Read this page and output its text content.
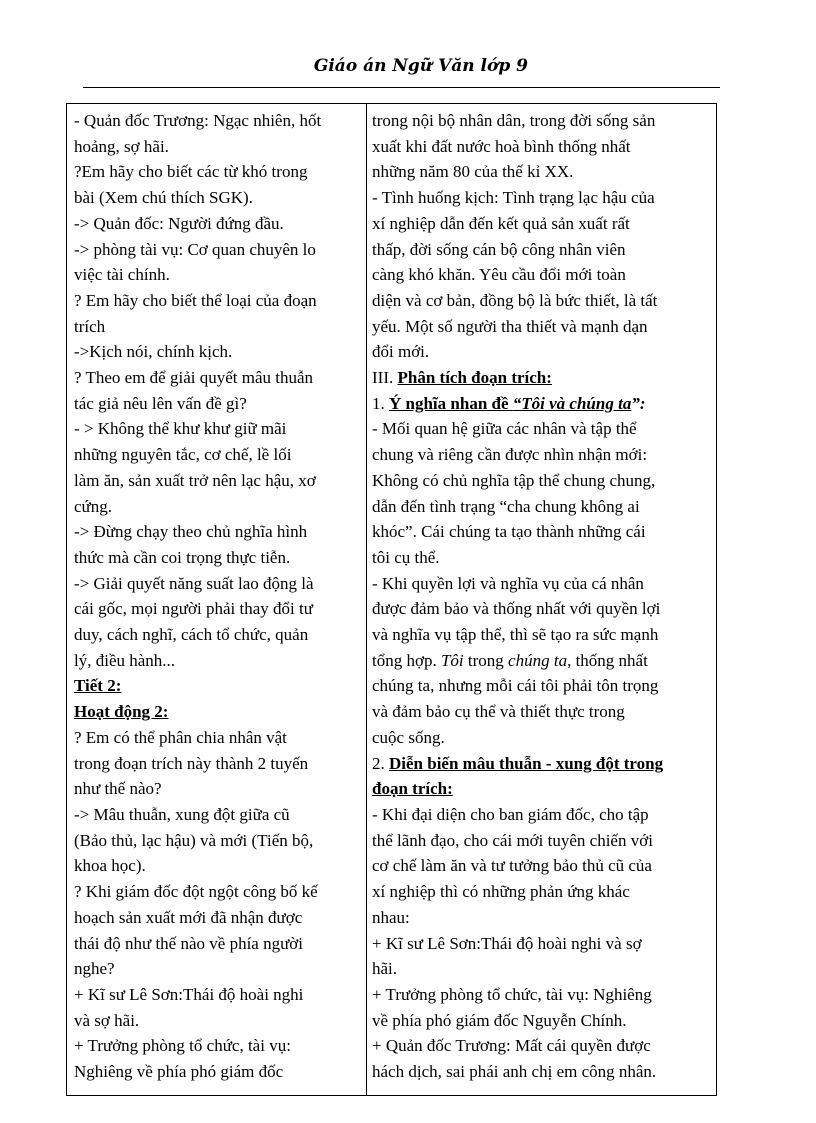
Giáo án Ngữ Văn lớp 9
- Quản đốc Trương: Ngạc nhiên, hốt
hoảng, sợ hãi.
?Em hãy cho biết các từ khó trong
bài (Xem chú thích SGK).
-> Quản đốc: Người đứng đầu.
-> phòng tài vụ: Cơ quan chuyên lo
việc tài chính.
? Em hãy cho biết thể loại của đoạn
trích
->Kịch nói, chính kịch.
? Theo em để giải quyết mâu thuẫn
tác giả nêu lên vấn đề gì?
- > Không thể khư khư giữ mãi
những nguyên tắc, cơ chế, lề lối
làm ăn, sản xuất trở nên lạc hậu, xơ
cứng.
-> Đừng chạy theo chủ nghĩa hình
thức mà cần coi trọng thực tiễn.
-> Giải quyết năng suất lao động là
cái gốc, mọi người phải thay đổi tư
duy, cách nghĩ, cách tổ chức, quản
lý, điều hành...
Tiết 2:
Hoạt động 2:
? Em có thể phân chia nhân vật
trong đoạn trích này thành 2 tuyến
như thế nào?
-> Mâu thuẫn, xung đột giữa cũ
(Bảo thủ, lạc hậu) và mới (Tiến bộ,
khoa học).
? Khi giám đốc đột ngột công bố kế
hoạch sản xuất mới đã nhận được
thái độ như thế nào về phía người
nghe?
+ Kĩ sư Lê Sơn:Thái độ hoài nghi
và sợ hãi.
+ Trưởng phòng tổ chức, tài vụ:
Nghiêng về phía phó giám đốc
trong nội bộ nhân dân, trong đời sống sản
xuất khi đất nước hoà bình thống nhất
những năm 80 của thế kỉ XX.
- Tình huống kịch: Tình trạng lạc hậu của
xí nghiệp dẫn đến kết quả sản xuất rất
thấp, đời sống cán bộ công nhân viên
càng khó khăn. Yêu cầu đổi mới toàn
diện và cơ bản, đồng bộ là bức thiết, là tất
yếu. Một số người tha thiết và mạnh dạn
đổi mới.
III. Phân tích đoạn trích:
1. Ý nghĩa nhan đề “Tôi và chúng ta”:
- Mối quan hệ giữa các nhân và tập thể
chung và riêng cần được nhìn nhận mới:
Không có chủ nghĩa tập thể chung chung,
dẫn đến tình trạng “cha chung không ai
khóc”. Cái chúng ta tạo thành những cái
tôi cụ thể.
- Khi quyền lợi và nghĩa vụ của cá nhân
được đảm bảo và thống nhất với quyền lợi
và nghĩa vụ tập thể, thì sẽ tạo ra sức mạnh
tổng hợp. Tôi trong chúng ta, thống nhất
chúng ta, nhưng mỗi cái tôi phải tôn trọng
và đảm bảo cụ thể và thiết thực trong
cuộc sống.
2. Diễn biến mâu thuẫn - xung đột trong
đoạn trích:
- Khi đại diện cho ban giám đốc, cho tập
thể lãnh đạo, cho cái mới tuyên chiến với
cơ chế làm ăn và tư tưởng bảo thủ cũ của
xí nghiệp thì có những phản ứng khác
nhau:
+ Kĩ sư Lê Sơn:Thái độ hoài nghi và sợ
hãi.
+ Trưởng phòng tổ chức, tài vụ: Nghiêng
về phía phó giám đốc Nguyễn Chính.
+ Quản đốc Trương: Mất cái quyền được
hách dịch, sai phái anh chị em công nhân.
